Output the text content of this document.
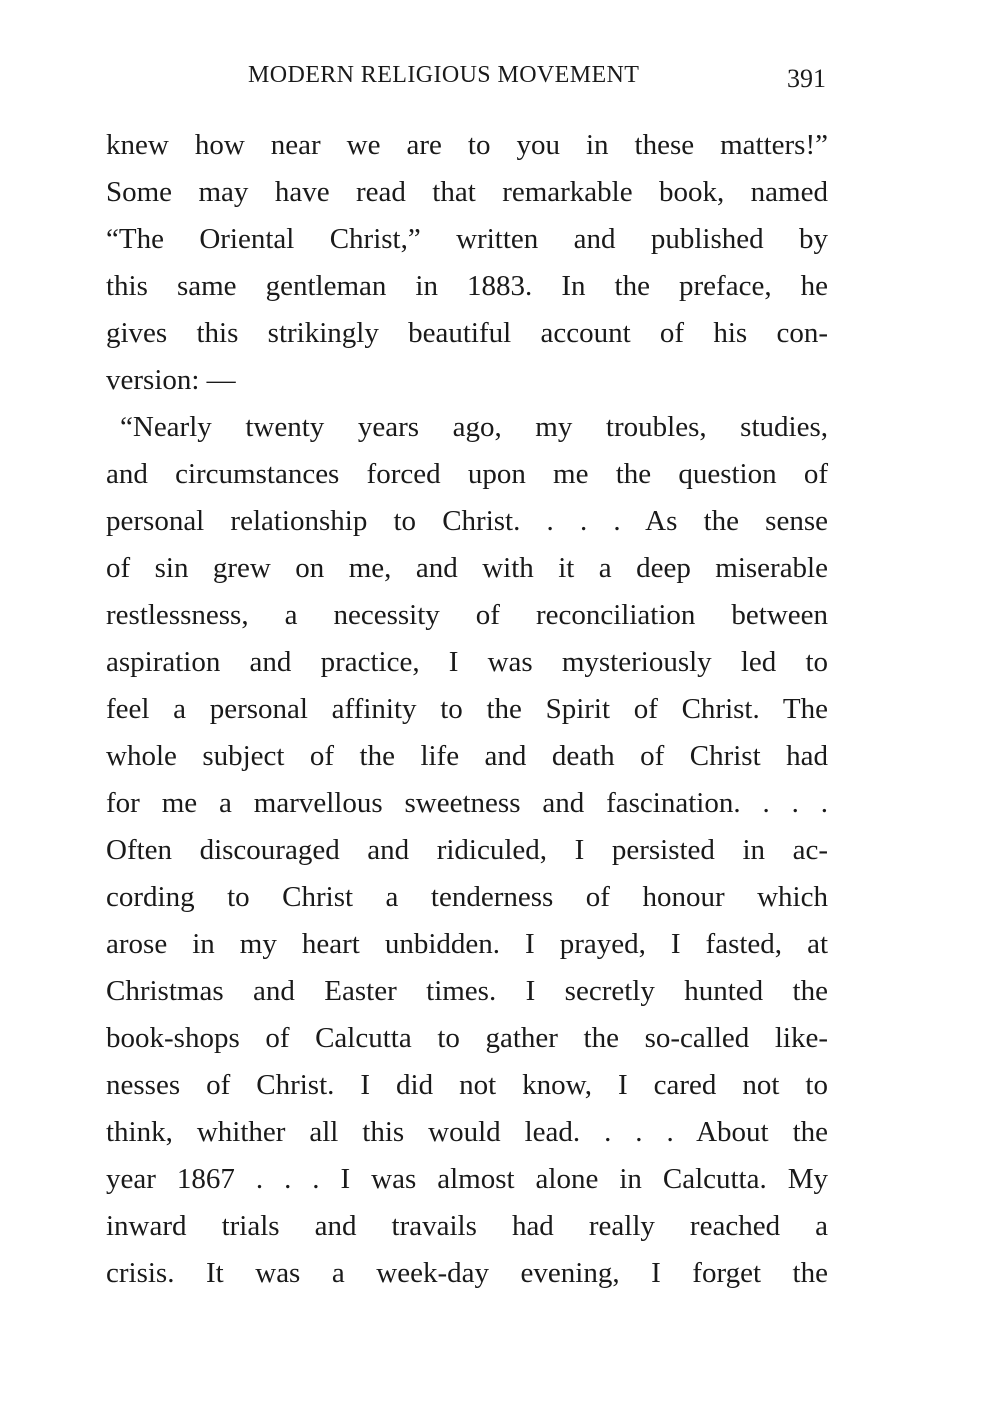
MODERN RELIGIOUS MOVEMENT	391
knew how near we are to you in these matters!”
Some may have read that remarkable book, named
“The Oriental Christ,” written and published by
this same gentleman in 1883. In the preface, he
gives this strikingly beautiful account of his con-
version: —
“Nearly twenty years ago, my troubles, studies,
and circumstances forced upon me the question of
personal relationship to Christ. . . . As the sense
of sin grew on me, and with it a deep miserable
restlessness, a necessity of reconciliation between
aspiration and practice, I was mysteriously led to
feel a personal affinity to the Spirit of Christ. The
whole subject of the life and death of Christ had
for me a marvellous sweetness and fascination. . . .
Often discouraged and ridiculed, I persisted in ac-
cording to Christ a tenderness of honour which
arose in my heart unbidden. I prayed, I fasted, at
Christmas and Easter times. I secretly hunted the
book-shops of Calcutta to gather the so-called like-
nesses of Christ. I did not know, I cared not to
think, whither all this would lead. . . . About the
year 1867 . . . I was almost alone in Calcutta. My
inward trials and travails had really reached a
crisis. It was a week-day evening, I forget the
